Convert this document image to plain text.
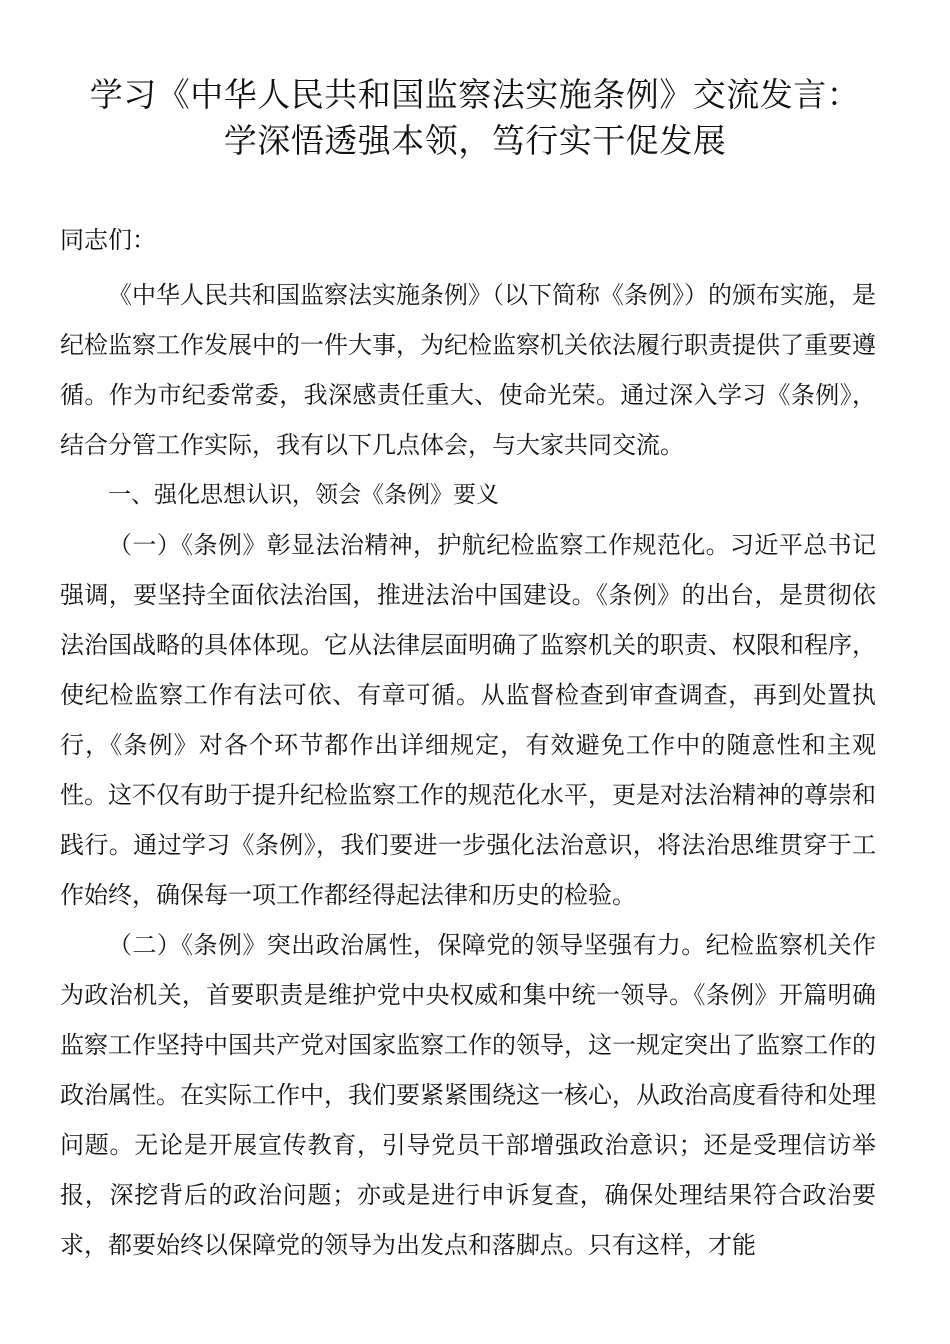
学习《中华人民共和国监察法实施条例》交流发言：
学深悟透强本领，笃行实干促发展
同志们：

《中华人民共和国监察法实施条例》（以下简称《条例》）的颁布实施，是纪检监察工作发展中的一件大事，为纪检监察机关依法履行职责提供了重要遵循。作为市纪委常委，我深感责任重大、使命光荣。通过深入学习《条例》，结合分管工作实际，我有以下几点体会，与大家共同交流。

一、强化思想认识，领会《条例》要义

（一）《条例》彰显法治精神，护航纪检监察工作规范化。习近平总书记强调，要坚持全面依法治国，推进法治中国建设。《条例》的出台，是贯彻依法治国战略的具体体现。它从法律层面明确了监察机关的职责、权限和程序，使纪检监察工作有法可依、有章可循。从监督检查到审查调查，再到处置执行，《条例》对各个环节都作出详细规定，有效避免工作中的随意性和主观性。这不仅有助于提升纪检监察工作的规范化水平，更是对法治精神的尊崇和践行。通过学习《条例》，我们要进一步强化法治意识，将法治思维贯穿于工作始终，确保每一项工作都经得起法律和历史的检验。

（二）《条例》突出政治属性，保障党的领导坚强有力。纪检监察机关作为政治机关，首要职责是维护党中央权威和集中统一领导。《条例》开篇明确监察工作坚持中国共产党对国家监察工作的领导，这一规定突出了监察工作的政治属性。在实际工作中，我们要紧紧围绕这一核心，从政治高度看待和处理问题。无论是开展宣传教育，引导党员干部增强政治意识；还是受理信访举报，深挖背后的政治问题；亦或是进行申诉复查，确保处理结果符合政治要求，都要始终以保障党的领导为出发点和落脚点。只有这样，才能
